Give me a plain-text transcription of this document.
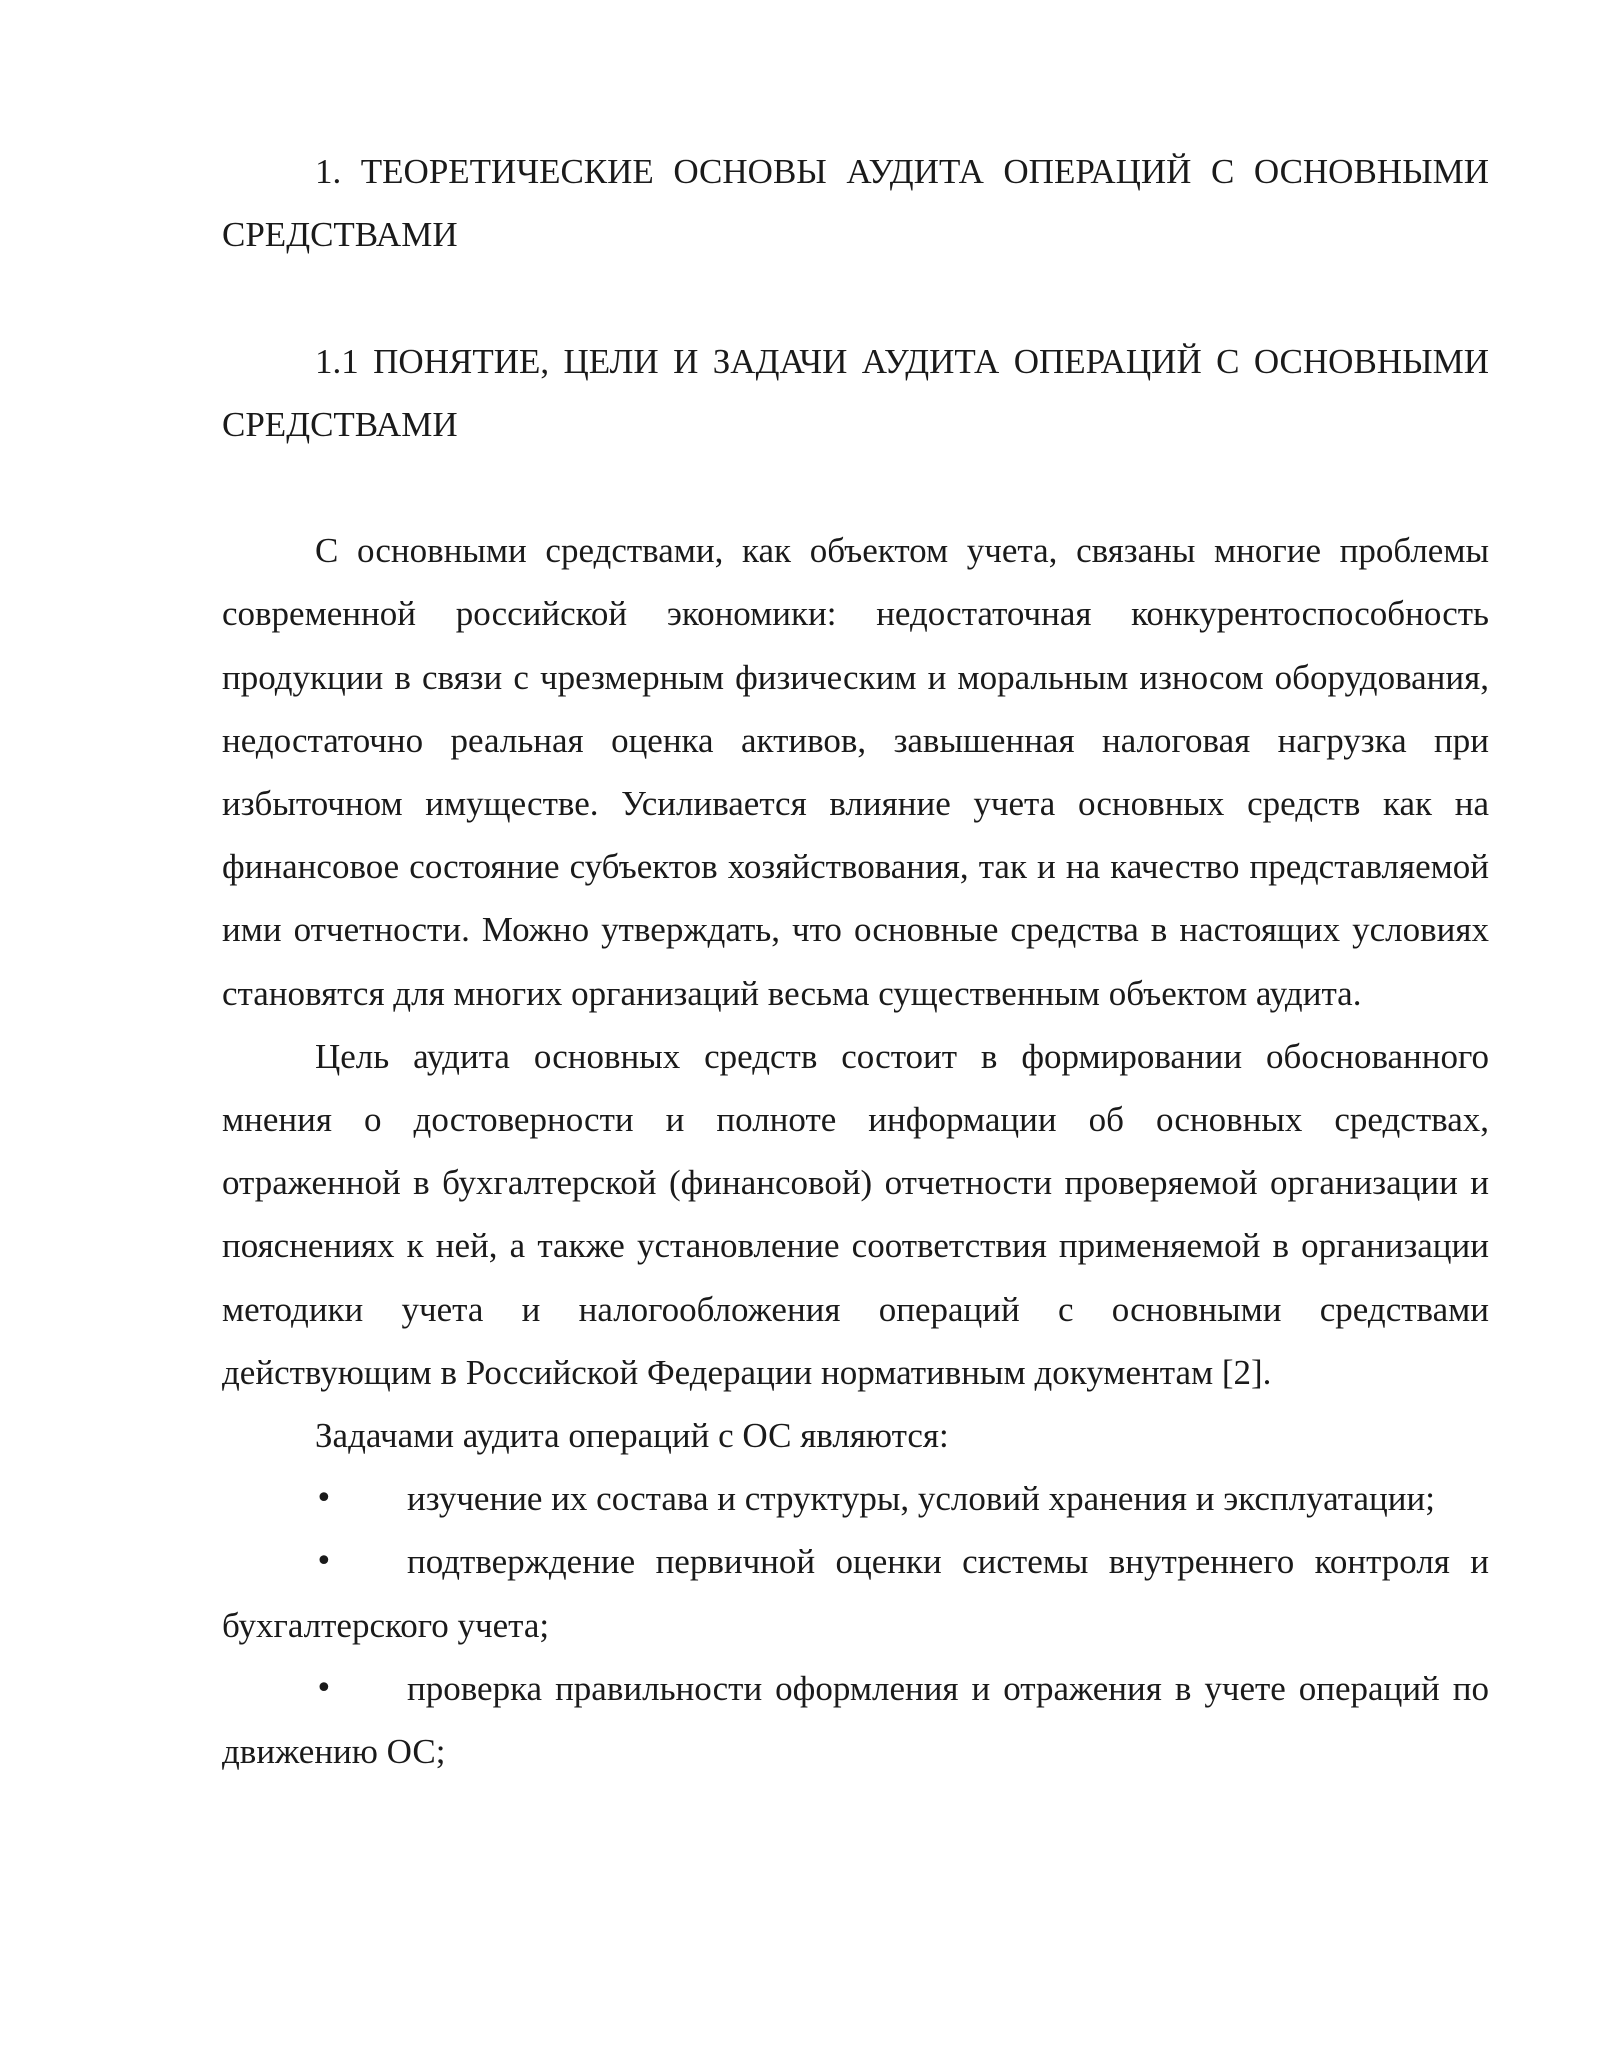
1. ТЕОРЕТИЧЕСКИЕ ОСНОВЫ АУДИТА ОПЕРАЦИЙ С ОСНОВНЫМИ СРЕДСТВАМИ

1.1 ПОНЯТИЕ, ЦЕЛИ И ЗАДАЧИ АУДИТА ОПЕРАЦИЙ С ОСНОВНЫМИ СРЕДСТВАМИ

С основными средствами, как объектом учета, связаны многие проблемы современной российской экономики: недостаточная конкурентоспособность продукции в связи с чрезмерным физическим и моральным износом оборудования, недостаточно реальная оценка активов, завышенная налоговая нагрузка при избыточном имуществе. Усиливается влияние учета основных средств как на финансовое состояние субъектов хозяйствования, так и на качество представляемой ими отчетности. Можно утверждать, что основные средства в настоящих условиях становятся для многих организаций весьма существенным объектом аудита.

Цель аудита основных средств состоит в формировании обоснованного мнения о достоверности и полноте информации об основных средствах, отраженной в бухгалтерской (финансовой) отчетности проверяемой организации и пояснениях к ней, а также установление соответствия применяемой в организации методики учета и налогообложения операций с основными средствами действующим в Российской Федерации нормативным документам [2].

Задачами аудита операций с ОС являются:

• изучение их состава и структуры, условий хранения и эксплуатации;

• подтверждение первичной оценки системы внутреннего контроля и бухгалтерского учета;

• проверка правильности оформления и отражения в учете операций по движению ОС;
